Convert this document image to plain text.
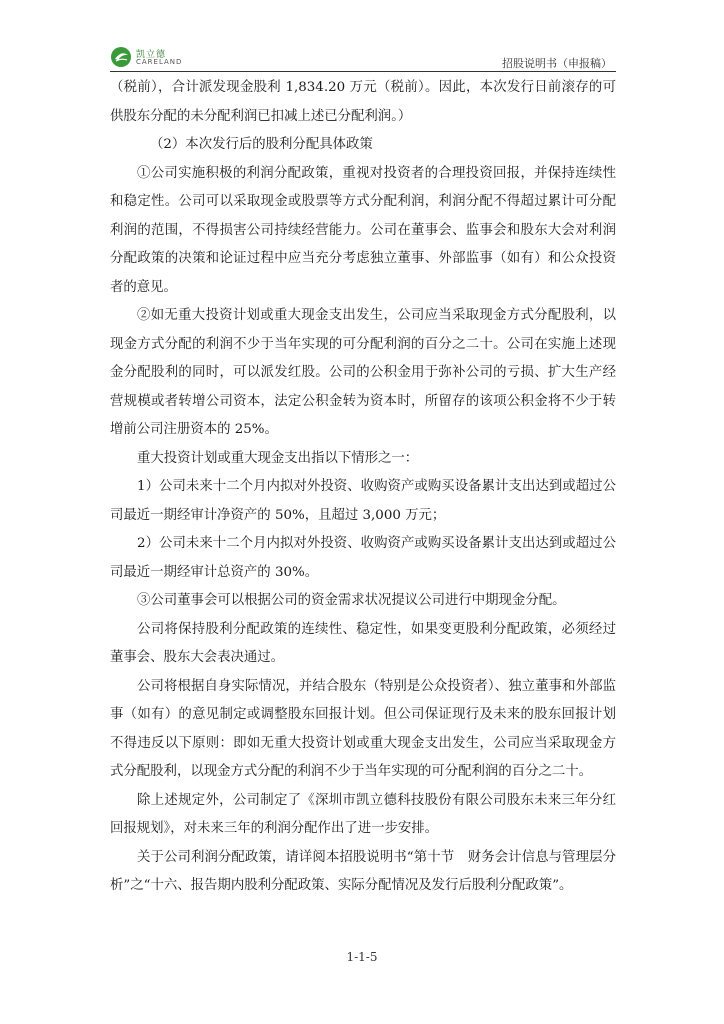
凯立德
CARELAND	招股说明书（申报稿）

（税前），合计派发现金股利 1,834.20 万元（税前）。因此，本次发行日前滚存的可供股东分配的未分配利润已扣减上述已分配利润。）

（2）本次发行后的股利分配具体政策

①公司实施积极的利润分配政策，重视对投资者的合理投资回报，并保持连续性和稳定性。公司可以采取现金或股票等方式分配利润，利润分配不得超过累计可分配利润的范围，不得损害公司持续经营能力。公司在董事会、监事会和股东大会对利润分配政策的决策和论证过程中应当充分考虑独立董事、外部监事（如有）和公众投资者的意见。

②如无重大投资计划或重大现金支出发生，公司应当采取现金方式分配股利，以现金方式分配的利润不少于当年实现的可分配利润的百分之二十。公司在实施上述现金分配股利的同时，可以派发红股。公司的公积金用于弥补公司的亏损、扩大生产经营规模或者转增公司资本，法定公积金转为资本时，所留存的该项公积金将不少于转增前公司注册资本的 25%。

重大投资计划或重大现金支出指以下情形之一：

1）公司未来十二个月内拟对外投资、收购资产或购买设备累计支出达到或超过公司最近一期经审计净资产的 50%，且超过 3,000 万元；

2）公司未来十二个月内拟对外投资、收购资产或购买设备累计支出达到或超过公司最近一期经审计总资产的 30%。

③公司董事会可以根据公司的资金需求状况提议公司进行中期现金分配。

公司将保持股利分配政策的连续性、稳定性，如果变更股利分配政策，必须经过董事会、股东大会表决通过。

公司将根据自身实际情况，并结合股东（特别是公众投资者）、独立董事和外部监事（如有）的意见制定或调整股东回报计划。但公司保证现行及未来的股东回报计划不得违反以下原则：即如无重大投资计划或重大现金支出发生，公司应当采取现金方式分配股利，以现金方式分配的利润不少于当年实现的可分配利润的百分之二十。

除上述规定外，公司制定了《深圳市凯立德科技股份有限公司股东未来三年分红回报规划》，对未来三年的利润分配作出了进一步安排。

关于公司利润分配政策，请详阅本招股说明书“第十节　财务会计信息与管理层分析”之“十六、报告期内股利分配政策、实际分配情况及发行后股利分配政策”。

1-1-5
